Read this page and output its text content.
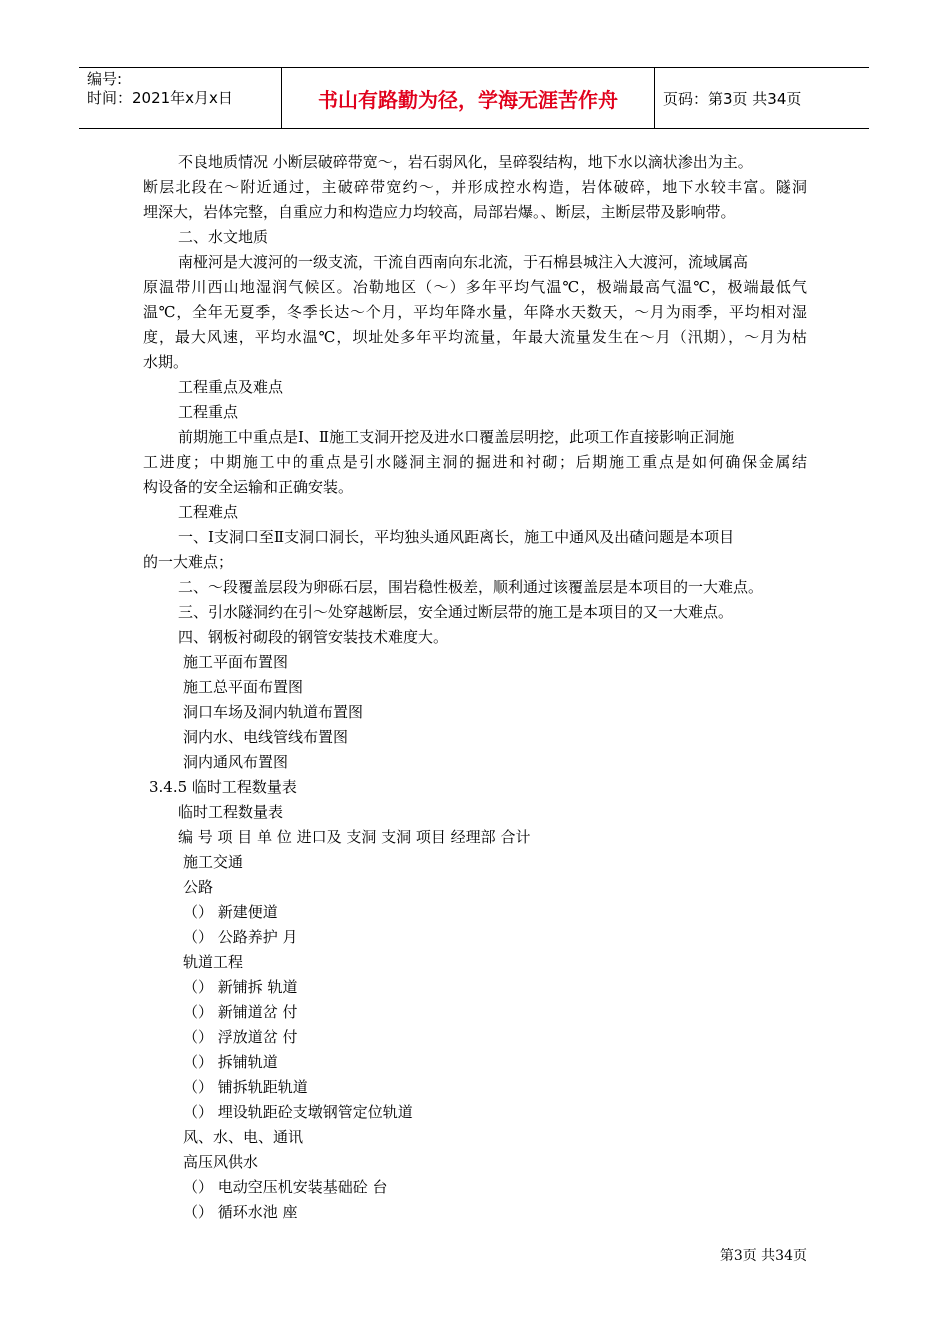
编号:
时间：2021年x月x日	书山有路勤为径，学海无涯苦作舟	页码：第3页 共34页
不良地质情况 小断层破碎带宽～，岩石弱风化，呈碎裂结构，地下水以滴状渗出为主。
断层北段在～附近通过，主破碎带宽约～，并形成控水构造，岩体破碎，地下水较丰富。隧洞
埋深大，岩体完整，自重应力和构造应力均较高，局部岩爆。、断层，主断层带及影响带。
二、水文地质
南桠河是大渡河的一级支流，干流自西南向东北流，于石棉县城注入大渡河，流域属高
原温带川西山地湿润气候区。冶勒地区（～）多年平均气温℃，极端最高气温℃，极端最低气
温℃，全年无夏季，冬季长达～个月，平均年降水量，年降水天数天，～月为雨季，平均相对湿
度，最大风速，平均水温℃，坝址处多年平均流量，年最大流量发生在～月（汛期），～月为枯
水期。
工程重点及难点
工程重点
前期施工中重点是Ⅰ、Ⅱ施工支洞开挖及进水口覆盖层明挖，此项工作直接影响正洞施
工进度；中期施工中的重点是引水隧洞主洞的掘进和衬砌；后期施工重点是如何确保金属结
构设备的安全运输和正确安装。
工程难点
一、Ⅰ支洞口至Ⅱ支洞口洞长，平均独头通风距离长，施工中通风及出碴问题是本项目
的一大难点；
二、～段覆盖层段为卵砾石层，围岩稳性极差，顺利通过该覆盖层是本项目的一大难点。
三、引水隧洞约在引～处穿越断层，安全通过断层带的施工是本项目的又一大难点。
四、钢板衬砌段的钢管安装技术难度大。
施工平面布置图
施工总平面布置图
洞口车场及洞内轨道布置图
洞内水、电线管线布置图
洞内通风布置图
3.4.5 临时工程数量表
临时工程数量表
编 号 项 目 单 位 进口及 支洞 支洞 项目 经理部 合计
施工交通
公路
（） 新建便道
（） 公路养护 月
轨道工程
（） 新铺拆 轨道
（） 新铺道岔 付
（） 浮放道岔 付
（） 拆铺轨道
（） 铺拆轨距轨道
（） 埋设轨距砼支墩钢管定位轨道
风、水、电、通讯
高压风供水
（） 电动空压机安装基础砼 台
（） 循环水池 座
第3页 共34页
